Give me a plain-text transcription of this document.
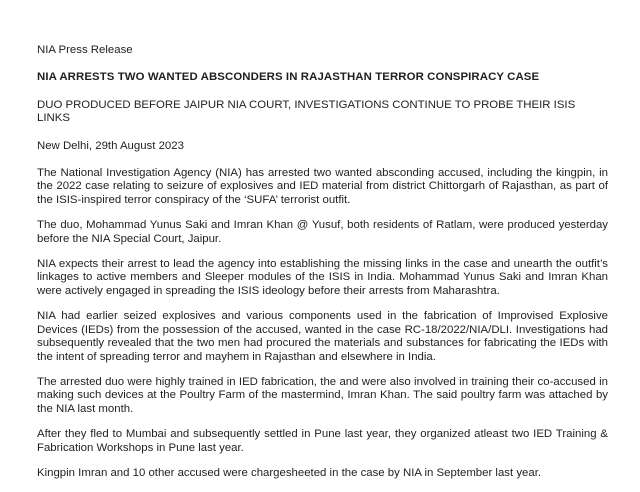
NIA Press Release
NIA ARRESTS TWO WANTED ABSCONDERS IN RAJASTHAN TERROR CONSPIRACY CASE
DUO PRODUCED BEFORE JAIPUR NIA COURT, INVESTIGATIONS CONTINUE TO PROBE THEIR ISIS LINKS
New Delhi, 29th August 2023
The National Investigation Agency (NIA) has arrested two wanted absconding accused, including the kingpin, in the 2022 case relating to seizure of explosives and IED material from district Chittorgarh of Rajasthan, as part of the ISIS-inspired terror conspiracy of the ‘SUFA’ terrorist outfit.
The duo, Mohammad Yunus Saki and Imran Khan @ Yusuf, both residents of Ratlam, were produced yesterday before the NIA Special Court, Jaipur.
NIA expects their arrest to lead the agency into establishing the missing links in the case and unearth the outfit’s linkages to active members and Sleeper modules of the ISIS in India. Mohammad Yunus Saki and Imran Khan were actively engaged in spreading the ISIS ideology before their arrests from Maharashtra.
NIA had earlier seized explosives and various components used in the fabrication of Improvised Explosive Devices (IEDs) from the possession of the accused, wanted in the case RC-18/2022/NIA/DLI. Investigations had subsequently revealed that the two men had procured the materials and substances for fabricating the IEDs with the intent of spreading terror and mayhem in Rajasthan and elsewhere in India.
The arrested duo were highly trained in IED fabrication, the and were also involved in training their co-accused in making such devices at the Poultry Farm of the mastermind, Imran Khan. The said poultry farm was attached by the NIA last month.
After they fled to Mumbai and subsequently settled in Pune last year, they organized atleast two IED Training & Fabrication Workshops in Pune last year.
Kingpin Imran and 10 other accused were chargesheeted in the case by NIA in September last year.
